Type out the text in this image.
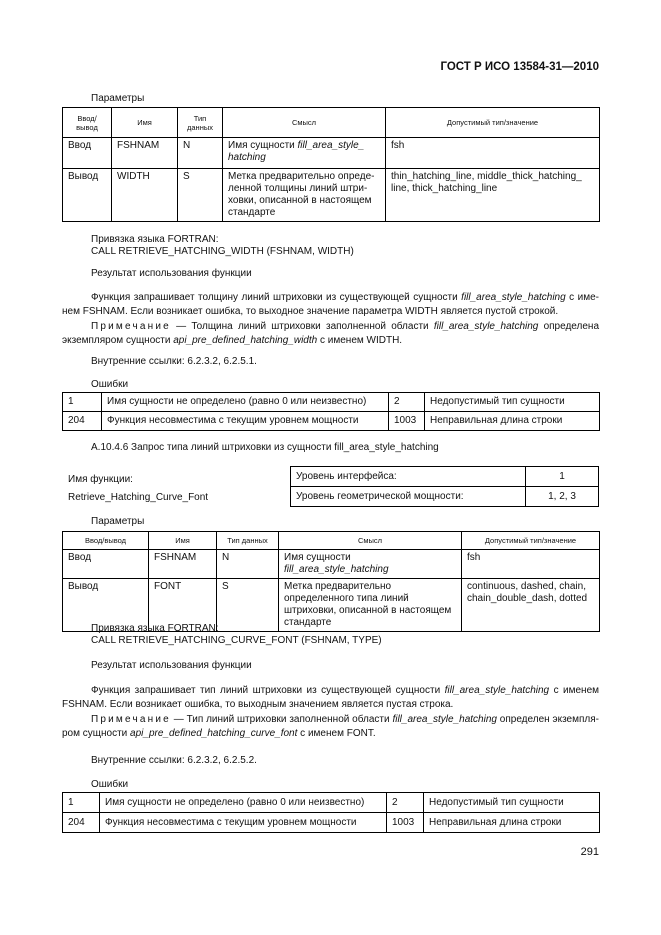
ГОСТ Р ИСО 13584-31—2010
Параметры
Ввод/ вывод	Имя	Тип данных	Смысл	Допустимый тип/значение
Ввод	FSHNAM	N	Имя сущности fill_area_style_ hatching	fsh
Вывод	WIDTH	S	Метка предварительно определенной толщины линий штриховки, описанной в настоящем стандарте	thin_hatching_line, middle_thick_hatching_ line, thick_hatching_line
Привязка языка FORTRAN:
CALL RETRIEVE_HATCHING_WIDTH (FSHNAM, WIDTH)
Результат использования функции
Функция запрашивает толщину линий штриховки из существующей сущности fill_area_style_hatching с именем FSHNAM. Если возникает ошибка, то выходное значение параметра WIDTH является пустой строкой.
Примечание — Толщина линий штриховки заполненной области fill_area_style_hatching определена экземпляром сущности api_pre_defined_hatching_width с именем WIDTH.
Внутренние ссылки: 6.2.3.2, 6.2.5.1.
Ошибки
1	Имя сущности не определено (равно 0 или неизвестно)	2	Недопустимый тип сущности
204	Функция несовместима с текущим уровнем мощности	1003	Неправильная длина строки
A.10.4.6 Запрос типа линий штриховки из сущности fill_area_style_hatching
Имя функции:
Retrieve_Hatching_Curve_Font
Уровень интерфейса:	1
Уровень геометрической мощности:	1, 2, 3
Параметры
Ввод/вывод	Имя	Тип данных	Смысл	Допустимый тип/значение
Ввод	FSHNAM	N	Имя сущности fill_area_style_hatching	fsh
Вывод	FONT	S	Метка предварительно определенного типа линий штриховки, описанной в настоящем стандарте	continuous, dashed, chain, chain_double_dash, dotted
Привязка языка FORTRAN:
CALL RETRIEVE_HATCHING_CURVE_FONT (FSHNAM, TYPE)
Результат использования функции
Функция запрашивает тип линий штриховки из существующей сущности fill_area_style_hatching с именем FSHNAM. Если возникает ошибка, то выходным значением является пустая строка.
Примечание — Тип линий штриховки заполненной области fill_area_style_hatching определен экземпляром сущности api_pre_defined_hatching_curve_font с именем FONT.
Внутренние ссылки: 6.2.3.2, 6.2.5.2.
Ошибки
1	Имя сущности не определено (равно 0 или неизвестно)	2	Недопустимый тип сущности
204	Функция несовместима с текущим уровнем мощности	1003	Неправильная длина строки
291
